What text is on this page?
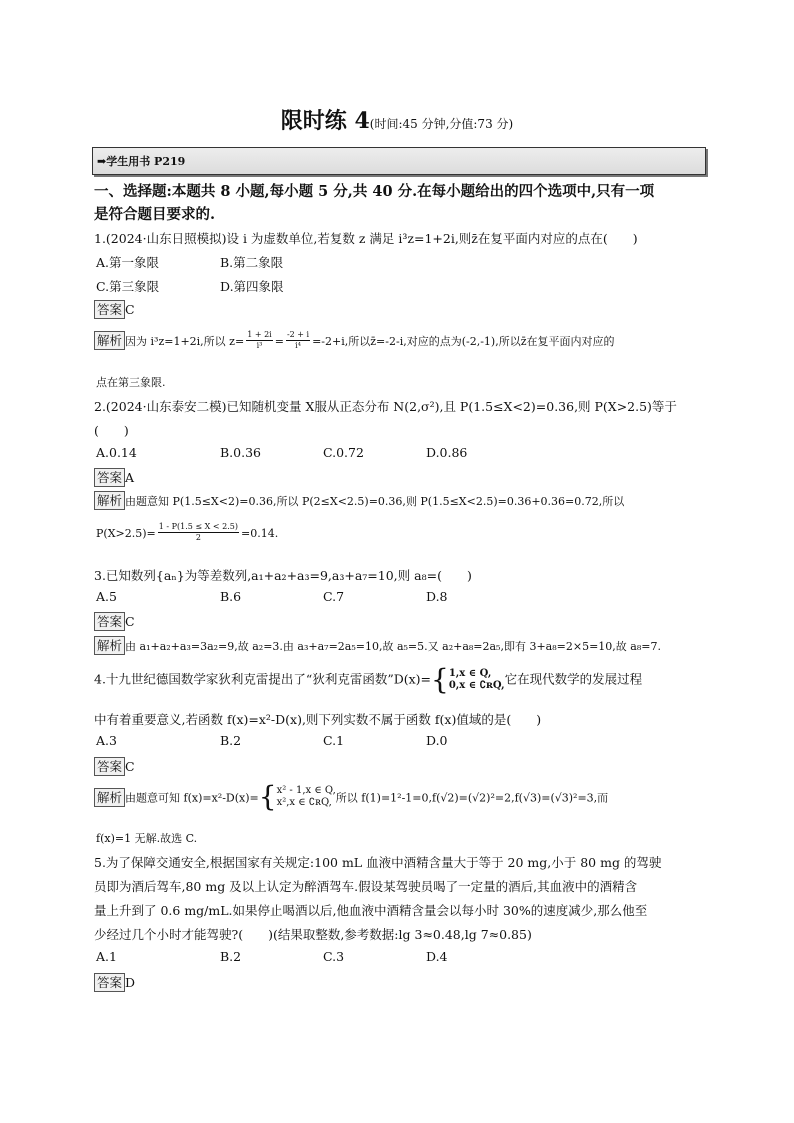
限时练 4(时间:45 分钟,分值:73 分)
➡学生用书 P219
一、选择题:本题共 8 小题,每小题 5 分,共 40 分.在每小题给出的四个选项中,只有一项
是符合题目要求的.
1.(2024·山东日照模拟)设 i 为虚数单位,若复数 z 满足 i³z=1+2i,则z̄在复平面内对应的点在(　　)
A.第一象限	B.第二象限
C.第三象限	D.第四象限
答案 C
解析 因为 i³z=1+2i,所以 $z= \frac{1 + 2i}{\text{i³}} = \frac{-2 + i}{\text{i⁴}} =-2+i$,所以z̄=-2-i,对应的点为(-2,-1),所以z̄在复平面内对应的
点在第三象限.
2.(2024·山东泰安二模)已知随机变量 X服从正态分布 N(2,σ²),且 P(1.5≤X<2)=0.36,则 P(X>2.5)等于
(　　)
A.0.14	B.0.36	C.0.72	D.0.86
答案 A
解析 由题意知 P(1.5≤X<2)=0.36,所以 P(2≤X<2.5)=0.36,则 P(1.5≤X<2.5)=0.36+0.36=0.72,所以
$P(X>2.5)= \frac{1 - P(1.5 \le X < 2.5)}{2} =0.14$.
3.已知数列{aₙ}为等差数列,a₁+a₂+a₃=9,a₃+a₇=10,则 a₈=(　　)
A.5	B.6	C.7	D.8
答案 C
解析 由 a₁+a₂+a₃=3a₂=9,故 a₂=3.由 a₃+a₇=2a₅=10,故 a₅=5.又 a₂+a₈=2a₅,即有 3+a₈=2×5=10,故 a₈=7.
4.十九世纪德国数学家狄利克雷提出了“狄利克雷函数”D(x)={1,x ∈ Q,
0,x ∈ ∁ʀQ,它在现代数学的发展过程
中有着重要意义,若函数 f(x)=x²-D(x),则下列实数不属于函数 f(x)值域的是(　　)
A.3	B.2	C.1	D.0
答案 C
解析 由题意可知 f(x)=x²-D(x)={x² - 1,x ∈ Q,
x²,x ∈ ∁ʀQ, 所以 f(1)=1²-1=0,f(√2)=(√2)²=2,f(√3)=(√3)²=3,而
f(x)=1 无解.故选 C.
5.为了保障交通安全,根据国家有关规定:100 mL 血液中酒精含量大于等于 20 mg,小于 80 mg 的驾驶
员即为酒后驾车,80 mg 及以上认定为醉酒驾车.假设某驾驶员喝了一定量的酒后,其血液中的酒精含
量上升到了 0.6 mg/mL.如果停止喝酒以后,他血液中酒精含量会以每小时 30%的速度减少,那么他至
少经过几个小时才能驾驶?(　　)(结果取整数,参考数据:lg 3≈0.48,lg 7≈0.85)
A.1	B.2	C.3	D.4
答案 D
